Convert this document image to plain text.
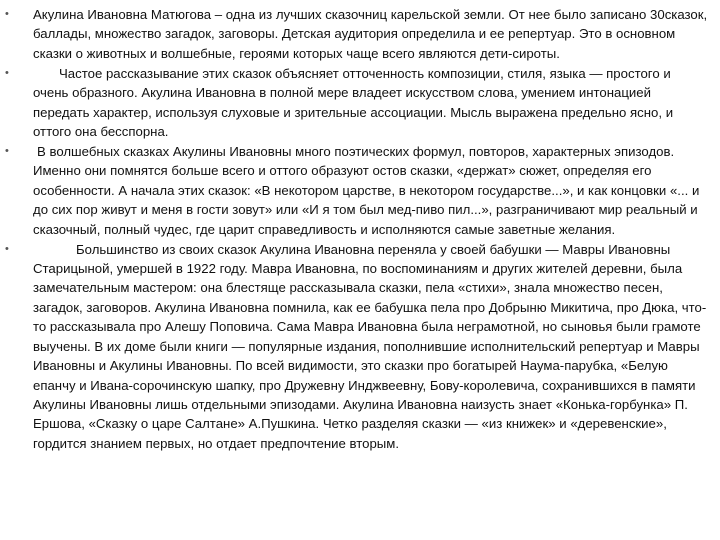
•	Акулина Ивановна Матюгова – одна из лучших сказочниц карельской земли. От нее было записано 30сказок, баллады, множество загадок, заговоры. Детская аудитория определила и ее репертуар. Это в основном сказки о животных и волшебные, героями которых чаще всего являются дети-сироты.
•	Частое рассказывание этих сказок объясняет отточенность композиции, стиля, языка — простого и очень образного. Акулина Ивановна в полной мере владеет искусством слова, умением интонацией передать характер, используя слуховые и зрительные ассоциации. Мысль выражена предельно ясно, и оттого она бесспорна.
•	В волшебных сказках Акулины Ивановны много поэтических формул, повторов, характерных эпизодов. Именно они помнятся больше всего и оттого образуют остов сказки, «держат» сюжет, определяя его особенности. А начала этих сказок: «В некотором царстве, в некотором государстве...», и как концовки «... и до сих пор живут и меня в гости зовут» или «И я том был мед-пиво пил...», разграничивают мир реальный и сказочный, полный чудес, где царит справедливость и исполняются самые заветные желания.
•	Большинство из своих сказок Акулина Ивановна переняла у своей бабушки — Мавры Ивановны Старицыной, умершей в 1922 году. Мавра Ивановна, по воспоминаниям и других жителей деревни, была замечательным мастером: она блестяще рассказывала сказки, пела «стихи», знала множество песен, загадок, заговоров. Акулина Ивановна помнила, как ее бабушка пела про Добрыню Микитича, про Дюка, что-то рассказывала про Алешу Поповича. Сама Мавра Ивановна была неграмотной, но сыновья были грамоте выучены. В их доме были книги — популярные издания, пополнившие исполнительский репертуар и Мавры Ивановны и Акулины Ивановны. По всей видимости, это сказки про богатырей Наума-парубка, «Белую епанчу и Ивана-сорочинскую шапку, про Дружевну Инджвеевну, Бову-королевича, сохранившихся в памяти Акулины Ивановны лишь отдельными эпизодами. Акулина Ивановна наизусть знает «Конька-горбунка» П. Ершова, «Сказку о царе Салтане» А.Пушкина. Четко разделяя сказки — «из книжек» и «деревенские», гордится знанием первых, но отдает предпочтение вторым.
